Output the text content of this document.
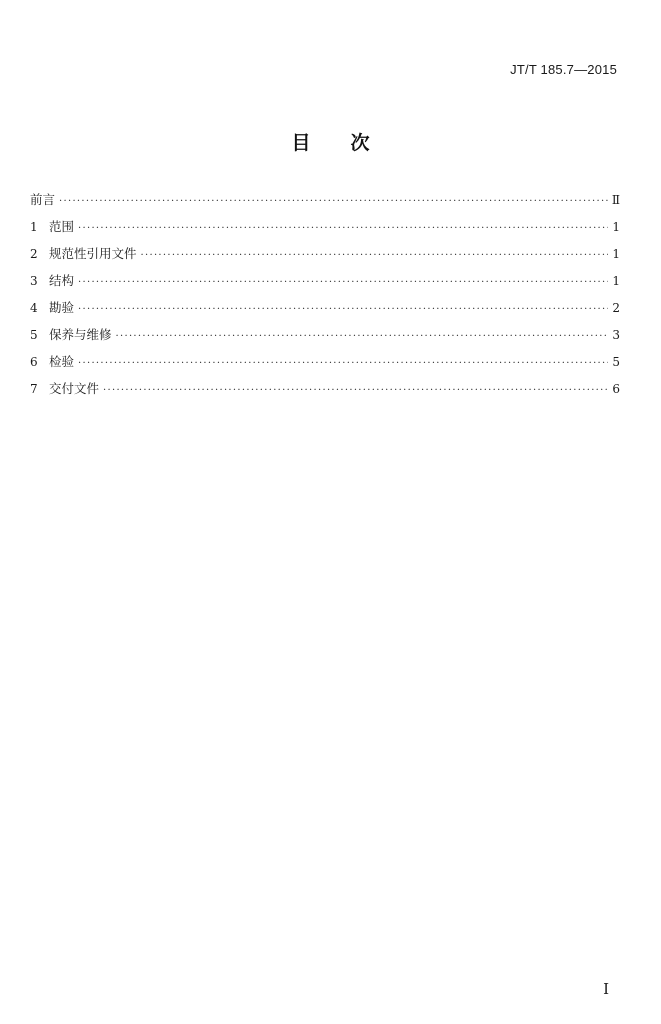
JT/T 185.7—2015
目 次
前言 ·····	Ⅱ
1 范围 ·····	1
2 规范性引用文件 ·····	1
3 结构 ·····	1
4 勘验 ·····	2
5 保养与维修 ·····	3
6 检验 ·····	5
7 交付文件 ·····	6
I
